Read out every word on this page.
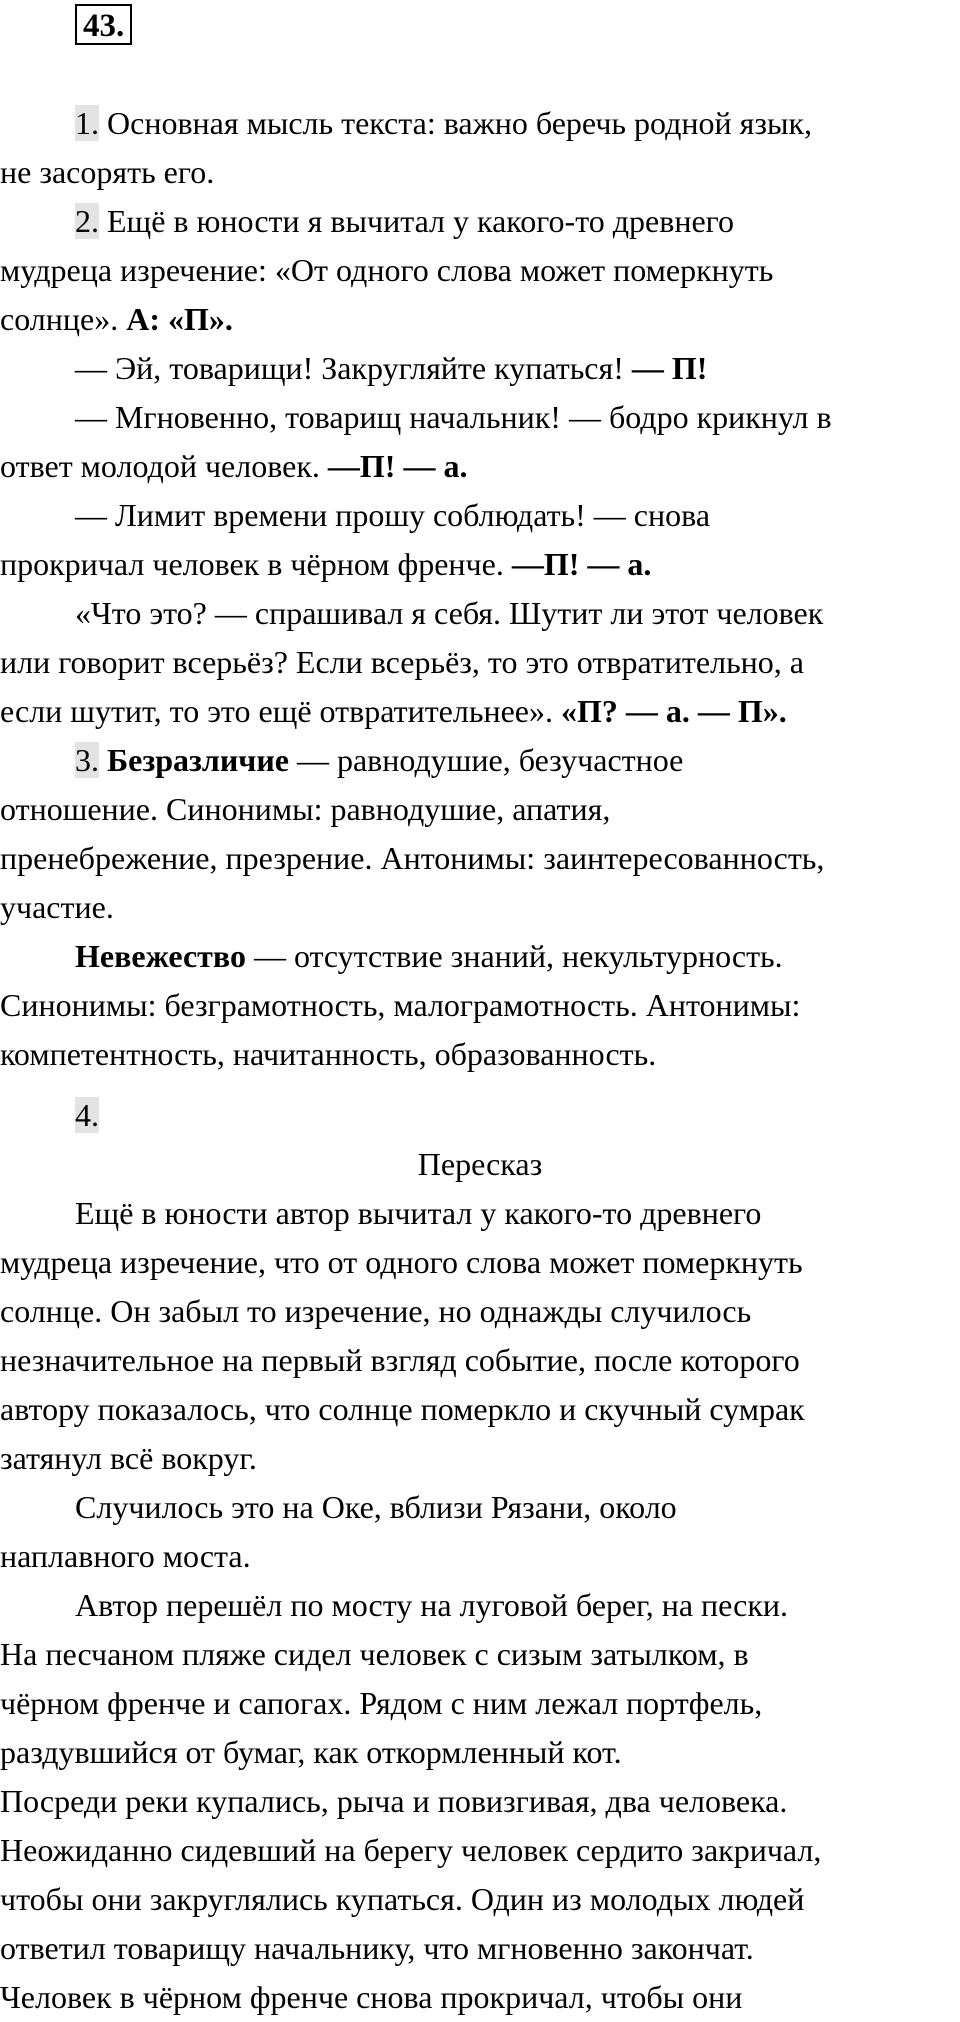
43.

1. Основная мысль текста: важно беречь родной язык,

не засорять его.

2. Ещё в юности я вычитал у какого-то древнего

мудреца изречение: «От одного слова может померкнуть

солнце». А: «П».

— Эй, товарищи! Закругляйте купаться! — П!

— Мгновенно, товарищ начальник! — бодро крикнул в

ответ молодой человек. —П! — а.

— Лимит времени прошу соблюдать! — снова

прокричал человек в чёрном френче. —П! — а.

«Что это? — спрашивал я себя. Шутит ли этот человек

или говорит всерьёз? Если всерьёз, то это отвратительно, а

если шутит, то это ещё отвратительнее». «П? — а. — П».

3. Безразличие — равнодушие, безучастное

отношение. Синонимы: равнодушие, апатия,

пренебрежение, презрение. Антонимы: заинтересованность,

участие.

Невежество — отсутствие знаний, некультурность.

Синонимы: безграмотность, малограмотность. Антонимы:

компетентность, начитанность, образованность.

4.

Пересказ

Ещё в юности автор вычитал у какого-то древнего

мудреца изречение, что от одного слова может померкнуть

солнце. Он забыл то изречение, но однажды случилось

незначительное на первый взгляд событие, после которого

автору показалось, что солнце померкло и скучный сумрак

затянул всё вокруг.

Случилось это на Оке, вблизи Рязани, около

наплавного моста.

Автор перешёл по мосту на луговой берег, на пески.

На песчаном пляже сидел человек с сизым затылком, в

чёрном френче и сапогах. Рядом с ним лежал портфель,

раздувшийся от бумаг, как откормленный кот.

Посреди реки купались, рыча и повизгивая, два человека.

Неожиданно сидевший на берегу человек сердито закричал,

чтобы они закруглялись купаться. Один из молодых людей

ответил товарищу начальнику, что мгновенно закончат.

Человек в чёрном френче снова прокричал, чтобы они
